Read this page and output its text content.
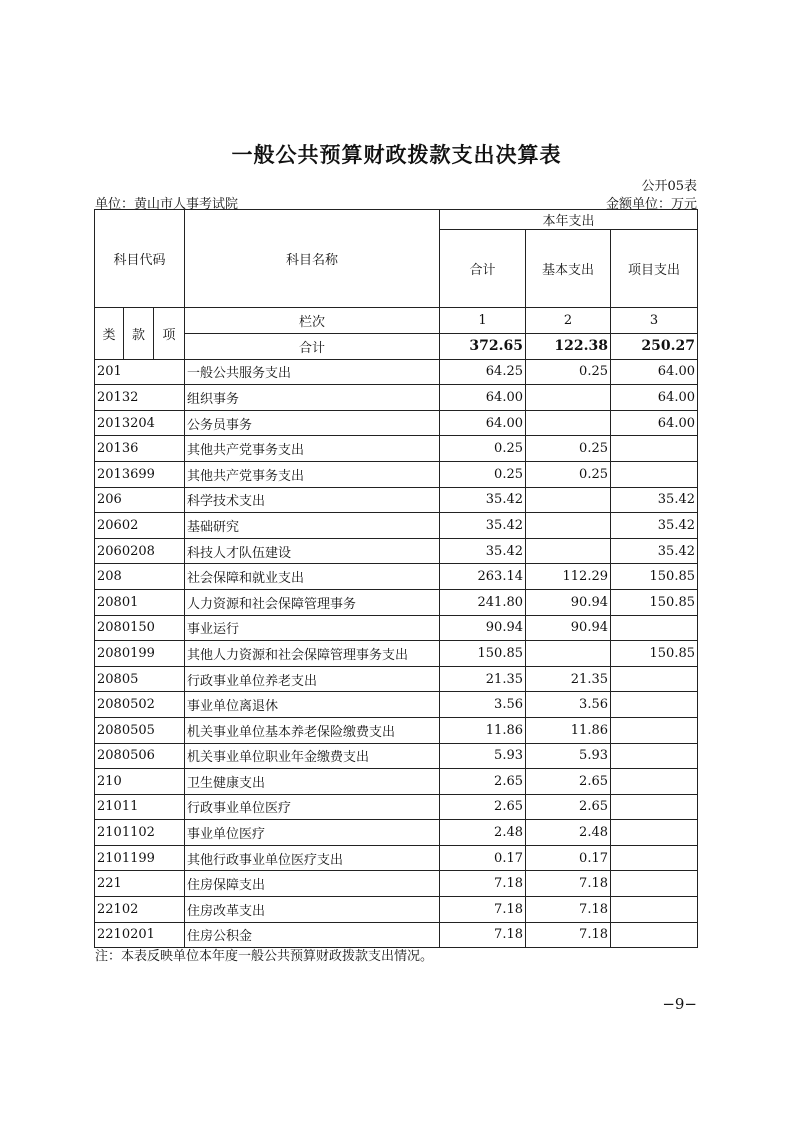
一般公共预算财政拨款支出决算表
公开05表
单位：黄山市人事考试院	金额单位：万元
科目代码			科目名称	本年支出		
				合计	基本支出	项目支出
类	款	项	栏次	1	2	3
			合计	372.65	122.38	250.27
201			一般公共服务支出	64.25	0.25	64.00
20132			组织事务	64.00		64.00
2013204			公务员事务	64.00		64.00
20136			其他共产党事务支出	0.25	0.25	
2013699			其他共产党事务支出	0.25	0.25	
206			科学技术支出	35.42		35.42
20602			基础研究	35.42		35.42
2060208			科技人才队伍建设	35.42		35.42
208			社会保障和就业支出	263.14	112.29	150.85
20801			人力资源和社会保障管理事务	241.80	90.94	150.85
2080150			事业运行	90.94	90.94	
2080199			其他人力资源和社会保障管理事务支出	150.85		150.85
20805			行政事业单位养老支出	21.35	21.35	
2080502			事业单位离退休	3.56	3.56	
2080505			机关事业单位基本养老保险缴费支出	11.86	11.86	
2080506			机关事业单位职业年金缴费支出	5.93	5.93	
210			卫生健康支出	2.65	2.65	
21011			行政事业单位医疗	2.65	2.65	
2101102			事业单位医疗	2.48	2.48	
2101199			其他行政事业单位医疗支出	0.17	0.17	
221			住房保障支出	7.18	7.18	
22102			住房改革支出	7.18	7.18	
2210201			住房公积金	7.18	7.18	
注：本表反映单位本年度一般公共预算财政拨款支出情况。
−9−
